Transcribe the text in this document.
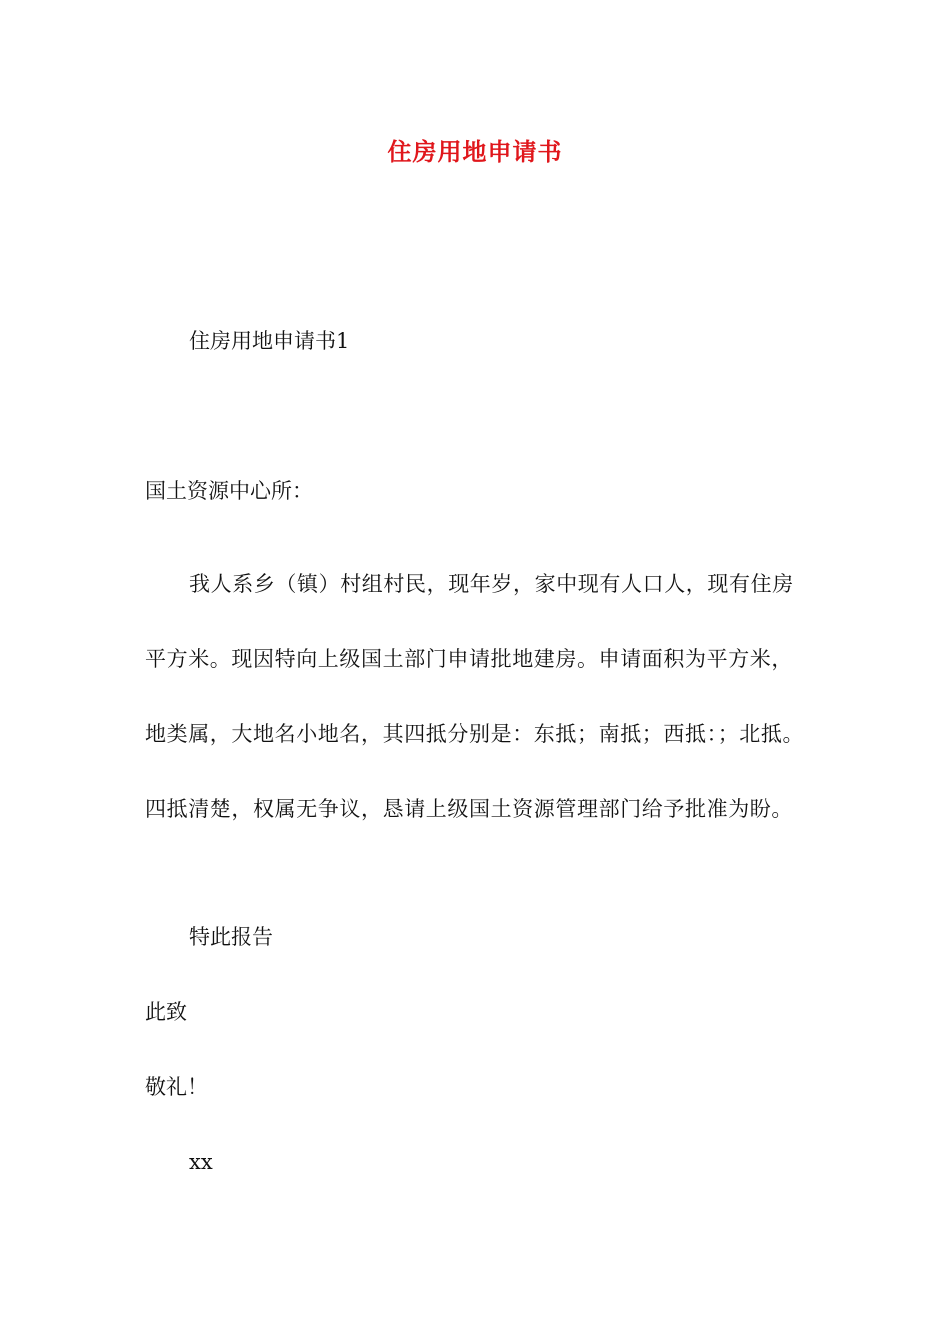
住房用地申请书
住房用地申请书1
国土资源中心所：
我人系乡（镇）村组村民，现年岁，家中现有人口人，现有住房平方米。现因特向上级国土部门申请批地建房。申请面积为平方米，地类属，大地名小地名，其四抵分别是：东抵；南抵；西抵：；北抵。四抵清楚，权属无争议，恳请上级国土资源管理部门给予批准为盼。
特此报告
此致
敬礼！
xx
